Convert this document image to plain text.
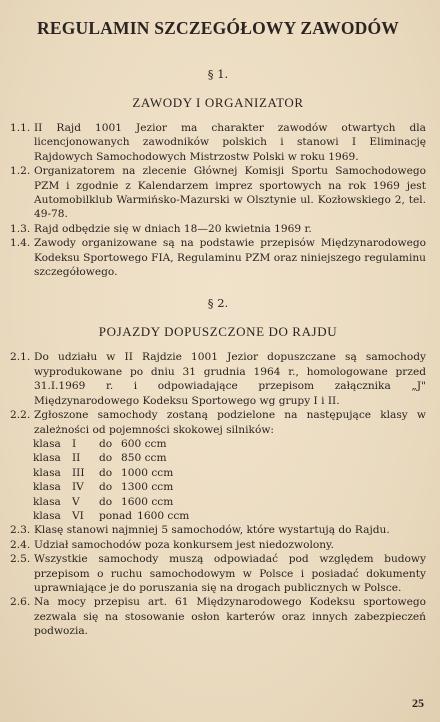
REGULAMIN SZCZEGÓŁOWY ZAWODÓW
§ 1.
ZAWODY I ORGANIZATOR
1.1. II Rajd 1001 Jezior ma charakter zawodów otwartych dla licencjonowanych zawodników polskich i stanowi I Eliminację Rajdowych Samochodowych Mistrzostw Polski w roku 1969.
1.2. Organizatorem na zlecenie Głównej Komisji Sportu Samochodowego PZM i zgodnie z Kalendarzem imprez sportowych na rok 1969 jest Automobilklub Warmińsko-Mazurski w Olsztynie ul. Kozłowskiego 2, tel. 49-78.
1.3. Rajd odbędzie się w dniach 18—20 kwietnia 1969 r.
1.4. Zawody organizowane są na podstawie przepisów Międzynarodowego Kodeksu Sportowego FIA, Regulaminu PZM oraz niniejszego regulaminu szczegółowego.
§ 2.
POJAZDY DOPUSZCZONE DO RAJDU
2.1. Do udziału w II Rajdzie 1001 Jezior dopuszczane są samochody wyprodukowane po dniu 31 grudnia 1964 r., homologowane przed 31.I.1969 r. i odpowiadające przepisom załącznika „J" Międzynarodowego Kodeksu Sportowego wg grupy I i II.
2.2. Zgłoszone samochody zostaną podzielone na następujące klasy w zależności od pojemności skokowej silników:
klasa	I	do 600 ccm
klasa	II	do 850 ccm
klasa	III	do 1000 ccm
klasa	IV	do 1300 ccm
klasa	V	do 1600 ccm
klasa	VI	ponad 1600 ccm
2.3. Klasę stanowi najmniej 5 samochodów, które wystartują do Rajdu.
2.4. Udział samochodów poza konkursem jest niedozwolony.
2.5. Wszystkie samochody muszą odpowiadać pod względem budowy przepisom o ruchu samochodowym w Polsce i posiadać dokumenty uprawniające je do poruszania się na drogach publicznych w Polsce.
2.6. Na mocy przepisu art. 61 Międzynarodowego Kodeksu sportowego zezwala się na stosowanie osłon karterów oraz innych zabezpieczeń podwozia.
25
